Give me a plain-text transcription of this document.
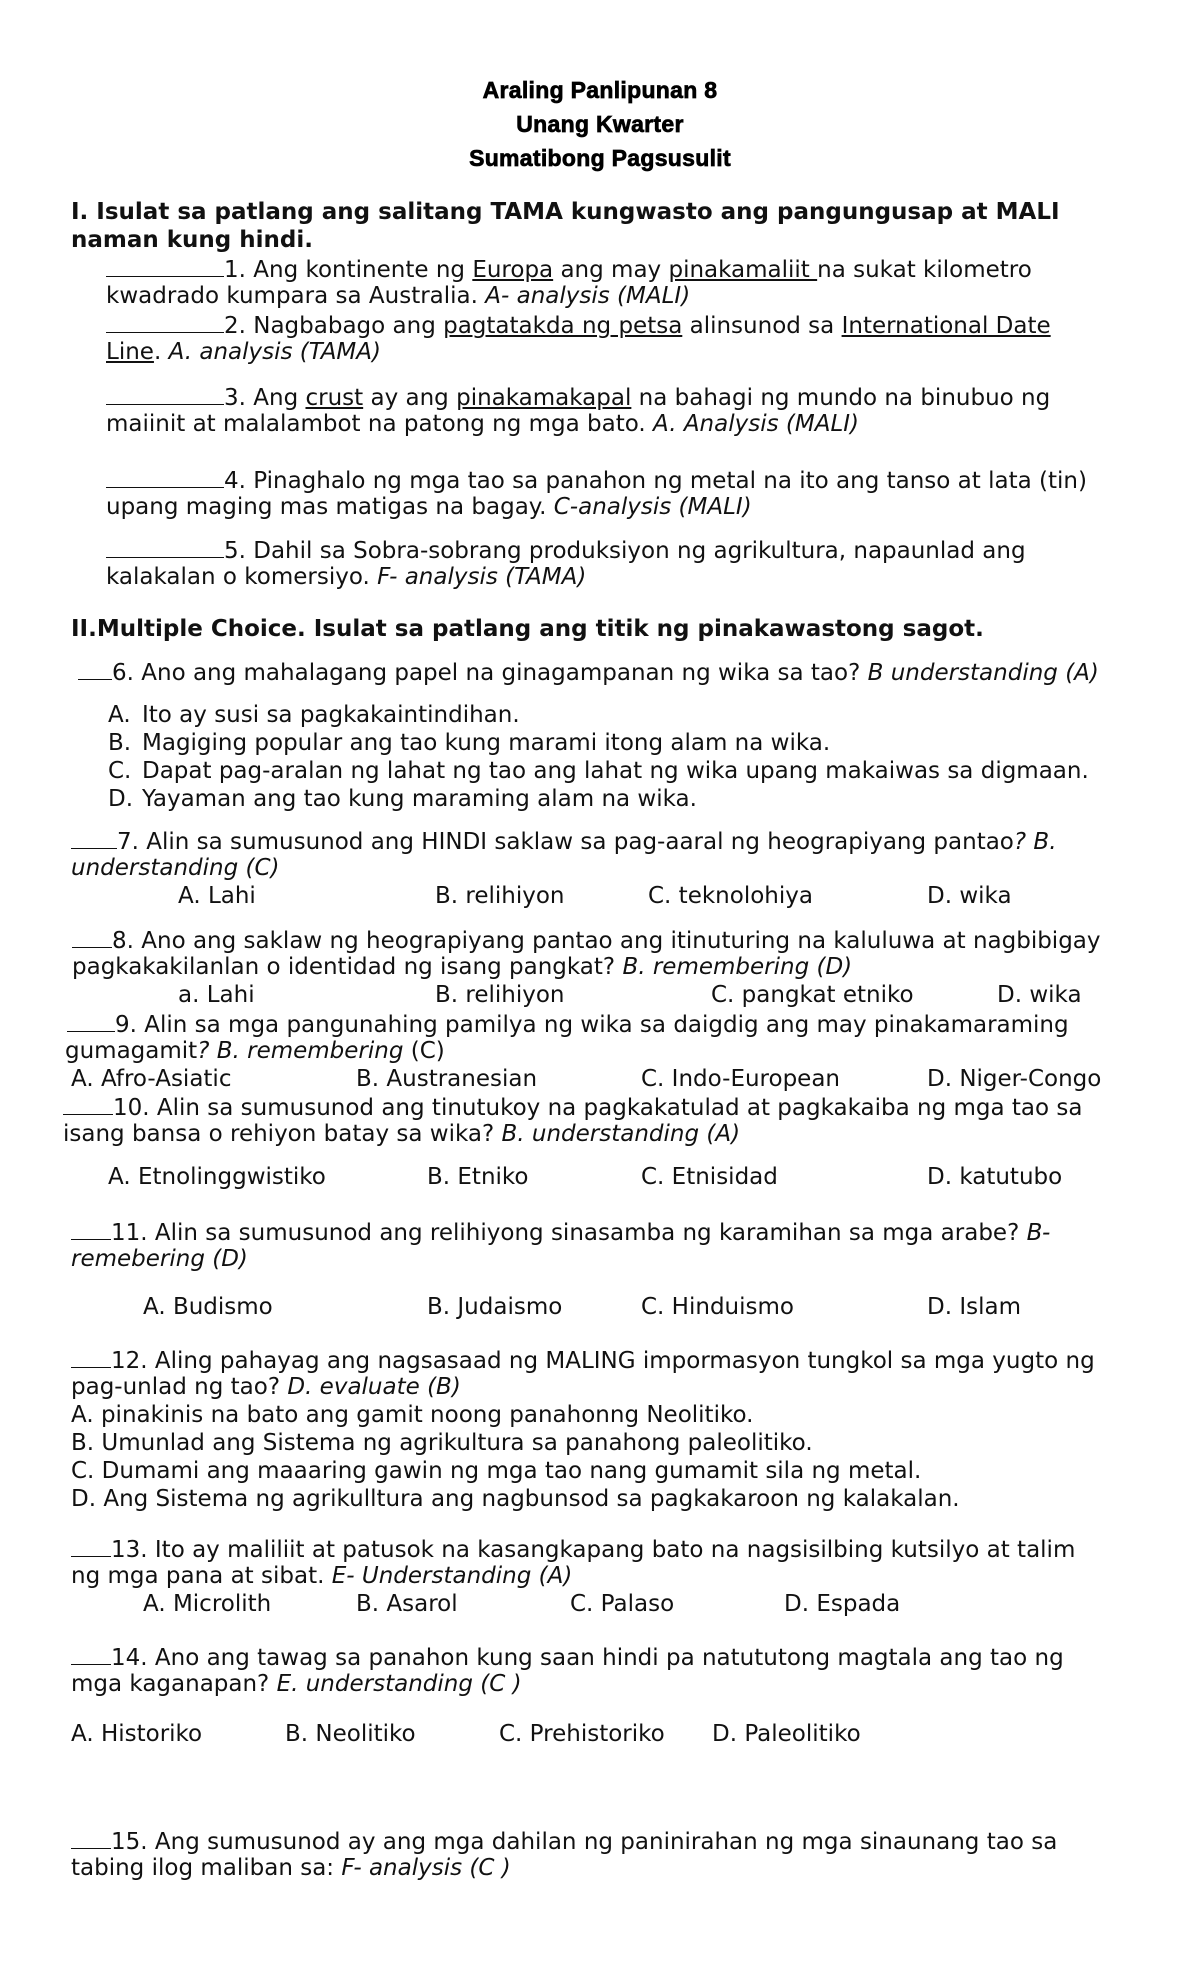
Araling Panlipunan 8
Unang Kwarter
Sumatibong Pagsusulit
I. Isulat sa patlang ang salitang TAMA kungwasto ang pangungusap at MALI
naman kung hindi.
1. Ang kontinente ng Europa ang may pinakamaliit na sukat kilometro
kwadrado kumpara sa Australia. A- analysis (MALI)
2. Nagbabago ang pagtatakda ng petsa alinsunod sa International Date
Line. A. analysis (TAMA)
3. Ang crust ay ang pinakamakapal na bahagi ng mundo na binubuo ng
maiinit at malalambot na patong ng mga bato. A. Analysis (MALI)
4. Pinaghalo ng mga tao sa panahon ng metal na ito ang tanso at lata (tin)
upang maging mas matigas na bagay. C-analysis (MALI)
5. Dahil sa Sobra-sobrang produksiyon ng agrikultura, napaunlad ang
kalakalan o komersiyo. F- analysis (TAMA)
II.Multiple Choice. Isulat sa patlang ang titik ng pinakawastong sagot.
6. Ano ang mahalagang papel na ginagampanan ng wika sa tao? B understanding (A)
A. Ito ay susi sa pagkakaintindihan.
B. Magiging popular ang tao kung marami itong alam na wika.
C. Dapat pag-aralan ng lahat ng tao ang lahat ng wika upang makaiwas sa digmaan.
D. Yayaman ang tao kung maraming alam na wika.
7. Alin sa sumusunod ang HINDI saklaw sa pag-aaral ng heograpiyang pantao? B.
understanding (C)
A. Lahi	B. relihiyon	C. teknolohiya	D. wika
8. Ano ang saklaw ng heograpiyang pantao ang itinuturing na kaluluwa at nagbibigay
pagkakakilanlan o identidad ng isang pangkat? B. remembering (D)
a. Lahi	B. relihiyon	C. pangkat etniko	D. wika
9. Alin sa mga pangunahing pamilya ng wika sa daigdig ang may pinakamaraming
gumagamit? B. remembering (C)
A. Afro-Asiatic	B. Austranesian	C. Indo-European	D. Niger-Congo
10. Alin sa sumusunod ang tinutukoy na pagkakatulad at pagkakaiba ng mga tao sa
isang bansa o rehiyon batay sa wika? B. understanding (A)
A. Etnolinggwistiko	B. Etniko	C. Etnisidad	D. katutubo
11. Alin sa sumusunod ang relihiyong sinasamba ng karamihan sa mga arabe? B-
remebering (D)
A. Budismo	B. Judaismo	C. Hinduismo	D. Islam
12. Aling pahayag ang nagsasaad ng MALING impormasyon tungkol sa mga yugto ng
pag-unlad ng tao? D. evaluate (B)
A. pinakinis na bato ang gamit noong panahonng Neolitiko.
B. Umunlad ang Sistema ng agrikultura sa panahong paleolitiko.
C. Dumami ang maaaring gawin ng mga tao nang gumamit sila ng metal.
D. Ang Sistema ng agrikulltura ang nagbunsod sa pagkakaroon ng kalakalan.
13. Ito ay maliliit at patusok na kasangkapang bato na nagsisilbing kutsilyo at talim
ng mga pana at sibat. E- Understanding (A)
A. Microlith	B. Asarol	C. Palaso	D. Espada
14. Ano ang tawag sa panahon kung saan hindi pa natututong magtala ang tao ng
mga kaganapan? E. understanding (C )
A. Historiko	B. Neolitiko	C. Prehistoriko D. Paleolitiko
15. Ang sumusunod ay ang mga dahilan ng paninirahan ng mga sinaunang tao sa
tabing ilog maliban sa: F- analysis (C )
